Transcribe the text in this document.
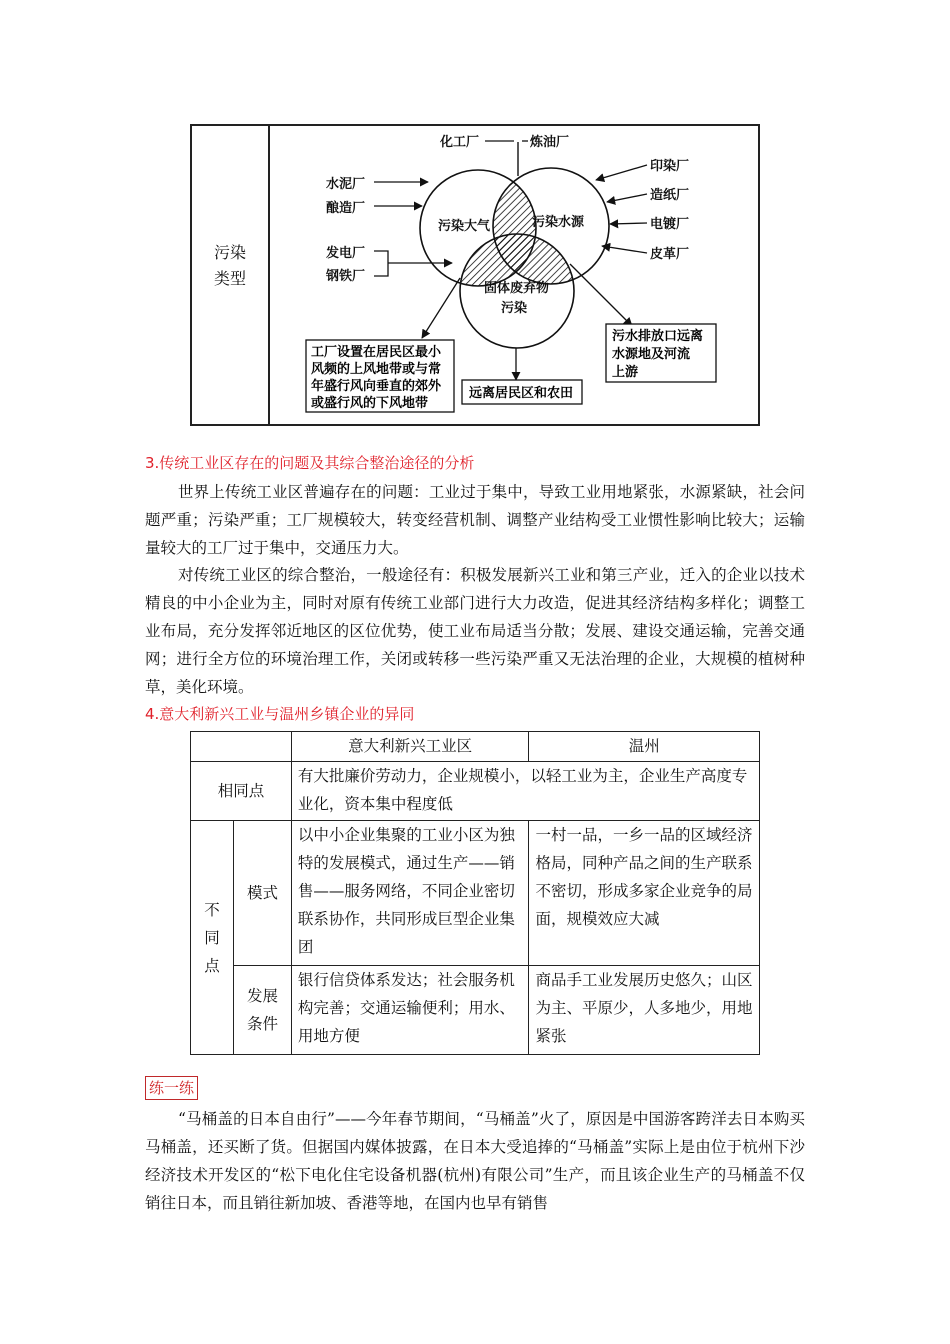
污染
类型
化工厂	炼油厂
水泥厂
酿造厂
发电厂
钢铁厂
印染厂
造纸厂
电镀厂
皮革厂
污染大气	污染水源
固体废弃物
污染
工厂设置在居民区最小
风频的上风地带或与常
年盛行风向垂直的郊外
或盛行风的下风地带
远离居民区和农田
污水排放口远离
水源地及河流
上游
3.传统工业区存在的问题及其综合整治途径的分析
世界上传统工业区普遍存在的问题：工业过于集中，导致工业用地紧张，水源紧缺，社会问题严重；污染严重；工厂规模较大，转变经营机制、调整产业结构受工业惯性影响比较大；运输量较大的工厂过于集中，交通压力大。
对传统工业区的综合整治，一般途径有：积极发展新兴工业和第三产业，迁入的企业以技术精良的中小企业为主，同时对原有传统工业部门进行大力改造，促进其经济结构多样化；调整工业布局，充分发挥邻近地区的区位优势，使工业布局适当分散；发展、建设交通运输，完善交通网；进行全方位的环境治理工作，关闭或转移一些污染严重又无法治理的企业，大规模的植树种草，美化环境。
4.意大利新兴工业与温州乡镇企业的异同
		意大利新兴工业区	温州
相同点		有大批廉价劳动力，企业规模小，以轻工业为主，企业生产高度专业化，资本集中程度低	
不同点	模式	以中小企业集聚的工业小区为独特的发展模式，通过生产——销售——服务网络，不同企业密切联系协作，共同形成巨型企业集团	一村一品，一乡一品的区域经济格局，同种产品之间的生产联系不密切，形成多家企业竞争的局面，规模效应大减
	发展条件	银行信贷体系发达；社会服务机构完善；交通运输便利；用水、用地方便	商品手工业发展历史悠久；山区为主、平原少，人多地少，用地紧张
练一练
“马桶盖的日本自由行”——今年春节期间，“马桶盖”火了，原因是中国游客跨洋去日本购买马桶盖，还买断了货。但据国内媒体披露，在日本大受追捧的“马桶盖”实际上是由位于杭州下沙经济技术开发区的“松下电化住宅设备机器(杭州)有限公司”生产，而且该企业生产的马桶盖不仅销往日本，而且销往新加坡、香港等地，在国内也早有销售
